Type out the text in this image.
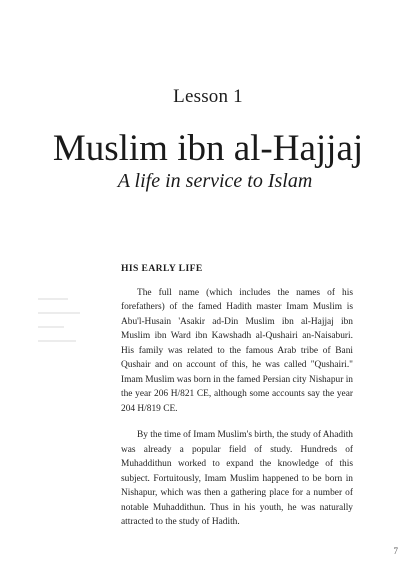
Lesson 1
Muslim ibn al-Hajjaj
A life in service to Islam
HIS EARLY LIFE

The full name (which includes the names of his forefathers) of the famed Hadith master Imam Muslim is Abu'l-Husain 'Asakir ad-Din Muslim ibn al-Hajjaj ibn Muslim ibn Ward ibn Kawshadh al-Qushairi an-Naisaburi. His family was related to the famous Arab tribe of Bani Qushair and on account of this, he was called "Qushairi." Imam Muslim was born in the famed Persian city Nishapur in the year 206 H/821 CE, although some accounts say the year 204 H/819 CE.

By the time of Imam Muslim's birth, the study of Ahadith was already a popular field of study. Hundreds of Muhaddithun worked to expand the knowledge of this subject. Fortuitously, Imam Muslim happened to be born in Nishapur, which was then a gathering place for a number of notable Muhaddithun. Thus in his youth, he was naturally attracted to the study of Hadith.

7
